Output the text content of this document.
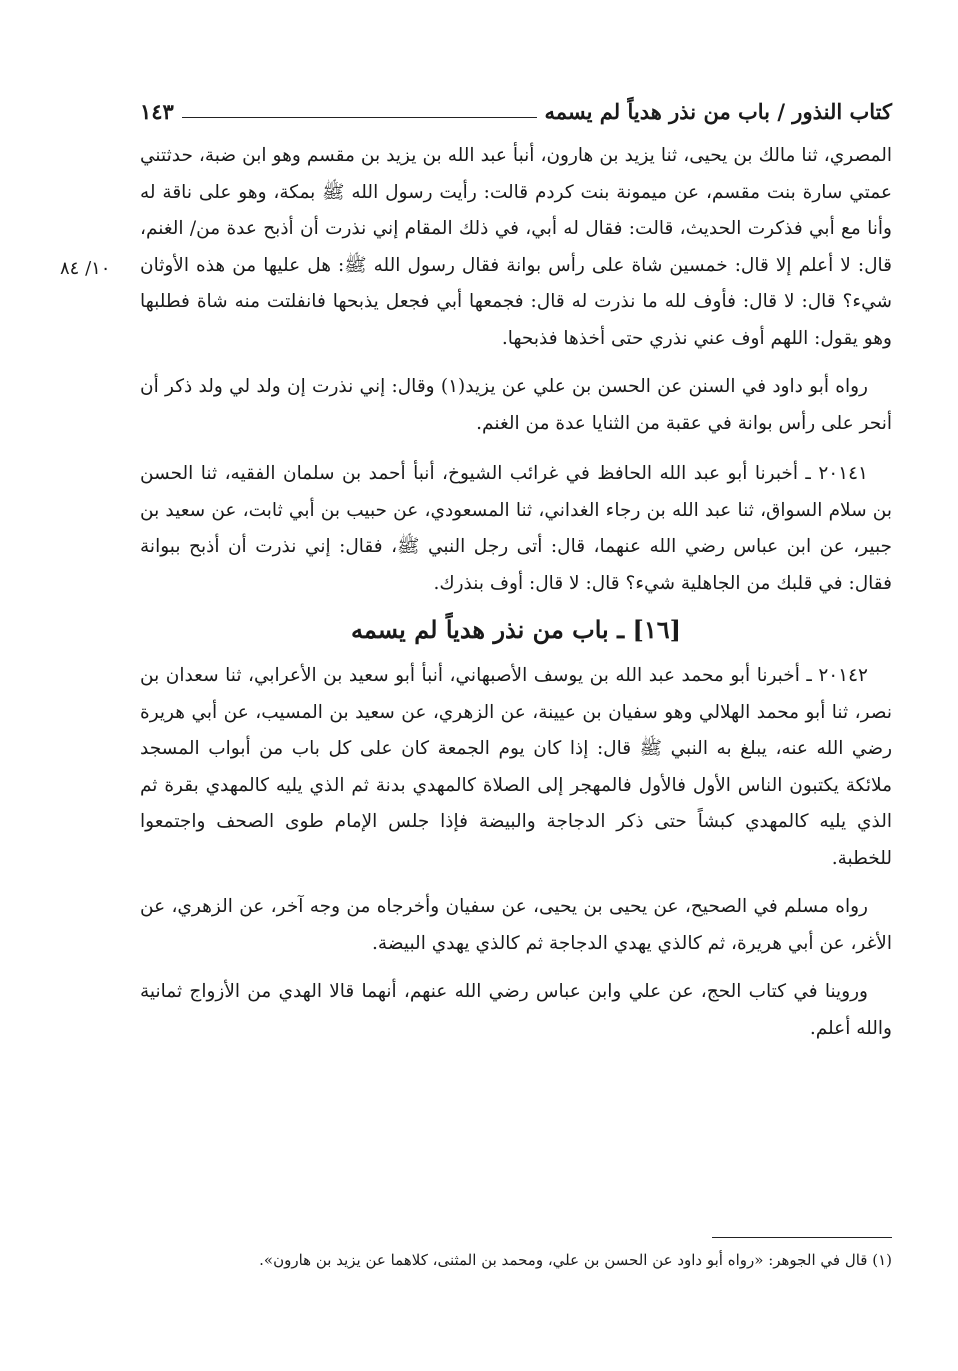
كتاب النذور / باب من نذر هدياً لم يسمه
١٤٣
١٠/ ٨٤

المصري، ثنا مالك بن يحيى، ثنا يزيد بن هارون، أنبأ عبد الله بن يزيد بن مقسم وهو ابن ضبة، حدثتني عمتي سارة بنت مقسم، عن ميمونة بنت كردم قالت: رأيت رسول الله ﷺ بمكة، وهو على ناقة له وأنا مع أبي فذكرت الحديث، قالت: فقال له أبي، في ذلك المقام إني نذرت أن أذبح عدة من/ الغنم، قال: لا أعلم إلا قال: خمسين شاة على رأس بوانة فقال رسول الله ﷺ: هل عليها من هذه الأوثان شيء؟ قال: لا قال: فأوف لله ما نذرت له قال: فجمعها أبي فجعل يذبحها فانفلتت منه شاة فطلبها وهو يقول: اللهم أوف عني نذري حتى أخذها فذبحها.

رواه أبو داود في السنن عن الحسن بن علي عن يزيد(١) وقال: إني نذرت إن ولد لي ولد ذكر أن أنحر على رأس بوانة في عقبة من الثنايا عدة من الغنم.

٢٠١٤١ ـ أخبرنا أبو عبد الله الحافظ في غرائب الشيوخ، أنبأ أحمد بن سلمان الفقيه، ثنا الحسن بن سلام السواق، ثنا عبد الله بن رجاء الغداني، ثنا المسعودي، عن حبيب بن أبي ثابت، عن سعيد بن جبير، عن ابن عباس رضي الله عنهما، قال: أتى رجل النبي ﷺ، فقال: إني نذرت أن أذبح ببوانة فقال: في قلبك من الجاهلية شيء؟ قال: لا قال: أوف بنذرك.

[١٦] ـ باب من نذر هدياً لم يسمه

٢٠١٤٢ ـ أخبرنا أبو محمد عبد الله بن يوسف الأصبهاني، أنبأ أبو سعيد بن الأعرابي، ثنا سعدان بن نصر، ثنا أبو محمد الهلالي وهو سفيان بن عيينة، عن الزهري، عن سعيد بن المسيب، عن أبي هريرة رضي الله عنه، يبلغ به النبي ﷺ قال: إذا كان يوم الجمعة كان على كل باب من أبواب المسجد ملائكة يكتبون الناس الأول فالأول فالمهجر إلى الصلاة كالمهدي بدنة ثم الذي يليه كالمهدي بقرة ثم الذي يليه كالمهدي كبشاً حتى ذكر الدجاجة والبيضة فإذا جلس الإمام طوى الصحف واجتمعوا للخطبة.

رواه مسلم في الصحيح، عن يحيى بن يحيى، عن سفيان وأخرجاه من وجه آخر، عن الزهري، عن الأغر، عن أبي هريرة، ثم كالذي يهدي الدجاجة ثم كالذي يهدي البيضة.

وروينا في كتاب الحج، عن علي وابن عباس رضي الله عنهم، أنهما قالا الهدي من الأزواج ثمانية والله أعلم.

(١) قال في الجوهر: «رواه أبو داود عن الحسن بن علي، ومحمد بن المثنى، كلاهما عن يزيد بن هارون».
